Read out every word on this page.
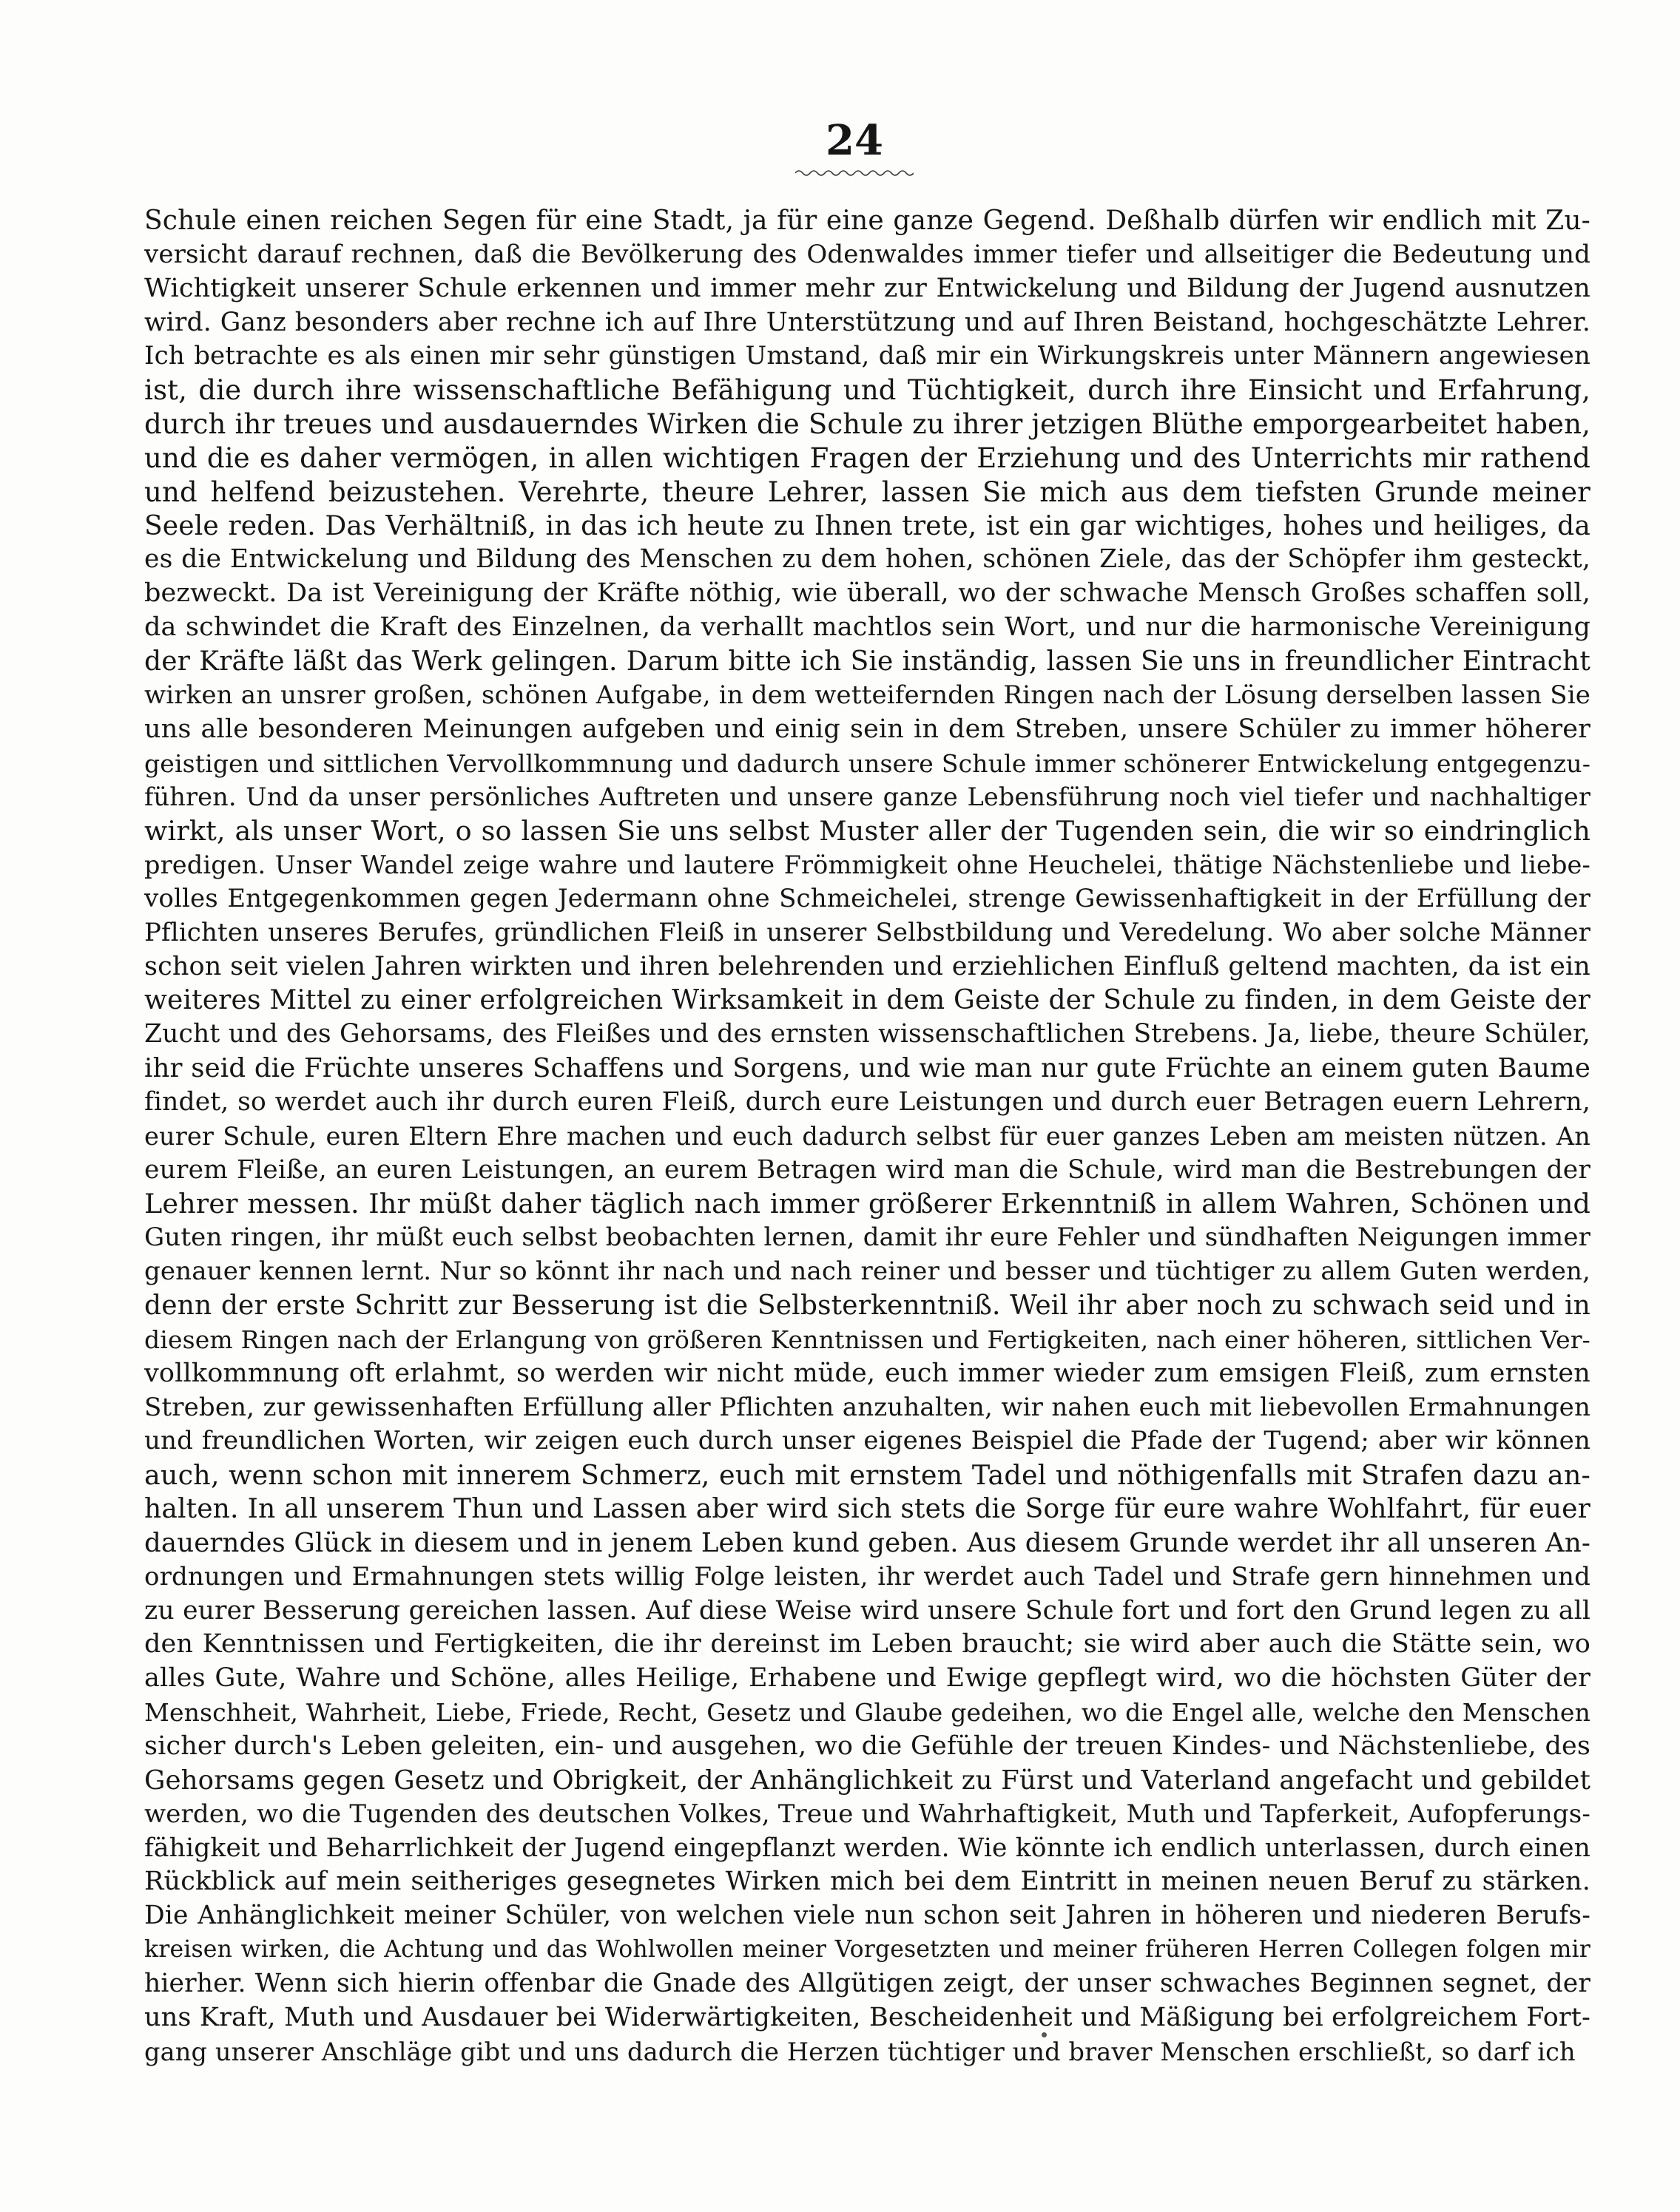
24
Schule einen reichen Segen für eine Stadt, ja für eine ganze Gegend. Deßhalb dürfen wir endlich mit Zu-
versicht darauf rechnen, daß die Bevölkerung des Odenwaldes immer tiefer und allseitiger die Bedeutung und
Wichtigkeit unserer Schule erkennen und immer mehr zur Entwickelung und Bildung der Jugend ausnutzen
wird. Ganz besonders aber rechne ich auf Ihre Unterstützung und auf Ihren Beistand, hochgeschätzte Lehrer.
Ich betrachte es als einen mir sehr günstigen Umstand, daß mir ein Wirkungskreis unter Männern angewiesen
ist, die durch ihre wissenschaftliche Befähigung und Tüchtigkeit, durch ihre Einsicht und Erfahrung,
durch ihr treues und ausdauerndes Wirken die Schule zu ihrer jetzigen Blüthe emporgearbeitet haben,
und die es daher vermögen, in allen wichtigen Fragen der Erziehung und des Unterrichts mir rathend
und helfend beizustehen. Verehrte, theure Lehrer, lassen Sie mich aus dem tiefsten Grunde meiner
Seele reden. Das Verhältniß, in das ich heute zu Ihnen trete, ist ein gar wichtiges, hohes und heiliges, da
es die Entwickelung und Bildung des Menschen zu dem hohen, schönen Ziele, das der Schöpfer ihm gesteckt,
bezweckt. Da ist Vereinigung der Kräfte nöthig, wie überall, wo der schwache Mensch Großes schaffen soll,
da schwindet die Kraft des Einzelnen, da verhallt machtlos sein Wort, und nur die harmonische Vereinigung
der Kräfte läßt das Werk gelingen. Darum bitte ich Sie inständig, lassen Sie uns in freundlicher Eintracht
wirken an unsrer großen, schönen Aufgabe, in dem wetteifernden Ringen nach der Lösung derselben lassen Sie
uns alle besonderen Meinungen aufgeben und einig sein in dem Streben, unsere Schüler zu immer höherer
geistigen und sittlichen Vervollkommnung und dadurch unsere Schule immer schönerer Entwickelung entgegenzu-
führen. Und da unser persönliches Auftreten und unsere ganze Lebensführung noch viel tiefer und nachhaltiger
wirkt, als unser Wort, o so lassen Sie uns selbst Muster aller der Tugenden sein, die wir so eindringlich
predigen. Unser Wandel zeige wahre und lautere Frömmigkeit ohne Heuchelei, thätige Nächstenliebe und liebe-
volles Entgegenkommen gegen Jedermann ohne Schmeichelei, strenge Gewissenhaftigkeit in der Erfüllung der
Pflichten unseres Berufes, gründlichen Fleiß in unserer Selbstbildung und Veredelung. Wo aber solche Männer
schon seit vielen Jahren wirkten und ihren belehrenden und erziehlichen Einfluß geltend machten, da ist ein
weiteres Mittel zu einer erfolgreichen Wirksamkeit in dem Geiste der Schule zu finden, in dem Geiste der
Zucht und des Gehorsams, des Fleißes und des ernsten wissenschaftlichen Strebens. Ja, liebe, theure Schüler,
ihr seid die Früchte unseres Schaffens und Sorgens, und wie man nur gute Früchte an einem guten Baume
findet, so werdet auch ihr durch euren Fleiß, durch eure Leistungen und durch euer Betragen euern Lehrern,
eurer Schule, euren Eltern Ehre machen und euch dadurch selbst für euer ganzes Leben am meisten nützen. An
eurem Fleiße, an euren Leistungen, an eurem Betragen wird man die Schule, wird man die Bestrebungen der
Lehrer messen. Ihr müßt daher täglich nach immer größerer Erkenntniß in allem Wahren, Schönen und
Guten ringen, ihr müßt euch selbst beobachten lernen, damit ihr eure Fehler und sündhaften Neigungen immer
genauer kennen lernt. Nur so könnt ihr nach und nach reiner und besser und tüchtiger zu allem Guten werden,
denn der erste Schritt zur Besserung ist die Selbsterkenntniß. Weil ihr aber noch zu schwach seid und in
diesem Ringen nach der Erlangung von größeren Kenntnissen und Fertigkeiten, nach einer höheren, sittlichen Ver-
vollkommnung oft erlahmt, so werden wir nicht müde, euch immer wieder zum emsigen Fleiß, zum ernsten
Streben, zur gewissenhaften Erfüllung aller Pflichten anzuhalten, wir nahen euch mit liebevollen Ermahnungen
und freundlichen Worten, wir zeigen euch durch unser eigenes Beispiel die Pfade der Tugend; aber wir können
auch, wenn schon mit innerem Schmerz, euch mit ernstem Tadel und nöthigenfalls mit Strafen dazu an-
halten. In all unserem Thun und Lassen aber wird sich stets die Sorge für eure wahre Wohlfahrt, für euer
dauerndes Glück in diesem und in jenem Leben kund geben. Aus diesem Grunde werdet ihr all unseren An-
ordnungen und Ermahnungen stets willig Folge leisten, ihr werdet auch Tadel und Strafe gern hinnehmen und
zu eurer Besserung gereichen lassen. Auf diese Weise wird unsere Schule fort und fort den Grund legen zu all
den Kenntnissen und Fertigkeiten, die ihr dereinst im Leben braucht; sie wird aber auch die Stätte sein, wo
alles Gute, Wahre und Schöne, alles Heilige, Erhabene und Ewige gepflegt wird, wo die höchsten Güter der
Menschheit, Wahrheit, Liebe, Friede, Recht, Gesetz und Glaube gedeihen, wo die Engel alle, welche den Menschen
sicher durch's Leben geleiten, ein- und ausgehen, wo die Gefühle der treuen Kindes- und Nächstenliebe, des
Gehorsams gegen Gesetz und Obrigkeit, der Anhänglichkeit zu Fürst und Vaterland angefacht und gebildet
werden, wo die Tugenden des deutschen Volkes, Treue und Wahrhaftigkeit, Muth und Tapferkeit, Aufopferungs-
fähigkeit und Beharrlichkeit der Jugend eingepflanzt werden. Wie könnte ich endlich unterlassen, durch einen
Rückblick auf mein seitheriges gesegnetes Wirken mich bei dem Eintritt in meinen neuen Beruf zu stärken.
Die Anhänglichkeit meiner Schüler, von welchen viele nun schon seit Jahren in höheren und niederen Berufs-
kreisen wirken, die Achtung und das Wohlwollen meiner Vorgesetzten und meiner früheren Herren Collegen folgen mir
hierher. Wenn sich hierin offenbar die Gnade des Allgütigen zeigt, der unser schwaches Beginnen segnet, der
uns Kraft, Muth und Ausdauer bei Widerwärtigkeiten, Bescheidenheit und Mäßigung bei erfolgreichem Fort-
gang unserer Anschläge gibt und uns dadurch die Herzen tüchtiger und braver Menschen erschließt, so darf ich
